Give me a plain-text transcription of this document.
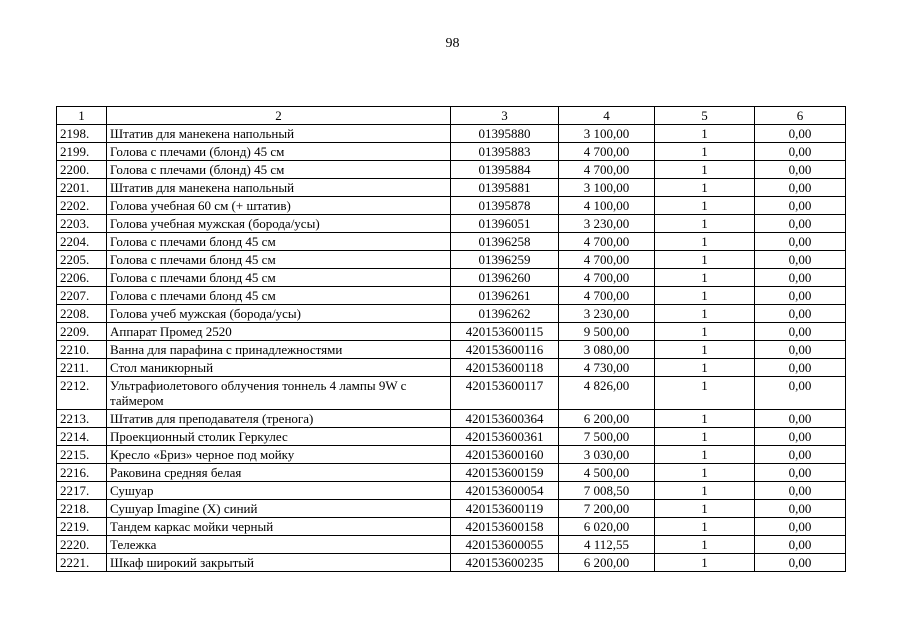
98
1	2	3	4	5	6
2198.	Штатив для манекена напольный	01395880	3 100,00	1	0,00
2199.	Голова с плечами (блонд) 45 см	01395883	4 700,00	1	0,00
2200.	Голова с плечами (блонд) 45 см	01395884	4 700,00	1	0,00
2201.	Штатив для манекена напольный	01395881	3 100,00	1	0,00
2202.	Голова учебная 60 см (+ штатив)	01395878	4 100,00	1	0,00
2203.	Голова учебная мужская (борода/усы)	01396051	3 230,00	1	0,00
2204.	Голова с плечами блонд 45 см	01396258	4 700,00	1	0,00
2205.	Голова с плечами блонд 45 см	01396259	4 700,00	1	0,00
2206.	Голова с плечами блонд 45 см	01396260	4 700,00	1	0,00
2207.	Голова с плечами блонд 45 см	01396261	4 700,00	1	0,00
2208.	Голова учеб мужская (борода/усы)	01396262	3 230,00	1	0,00
2209.	Аппарат Промед 2520	420153600115	9 500,00	1	0,00
2210.	Ванна для парафина с принадлежностями	420153600116	3 080,00	1	0,00
2211.	Стол маникюрный	420153600118	4 730,00	1	0,00
2212.	Ультрафиолетового облучения тоннель 4 лампы 9W с таймером	420153600117	4 826,00	1	0,00
2213.	Штатив для преподавателя (тренога)	420153600364	6 200,00	1	0,00
2214.	Проекционный столик Геркулес	420153600361	7 500,00	1	0,00
2215.	Кресло «Бриз» черное под мойку	420153600160	3 030,00	1	0,00
2216.	Раковина средняя белая	420153600159	4 500,00	1	0,00
2217.	Сушуар	420153600054	7 008,50	1	0,00
2218.	Сушуар Imagine (X) синий	420153600119	7 200,00	1	0,00
2219.	Тандем каркас мойки черный	420153600158	6 020,00	1	0,00
2220.	Тележка	420153600055	4 112,55	1	0,00
2221.	Шкаф широкий закрытый	420153600235	6 200,00	1	0,00
